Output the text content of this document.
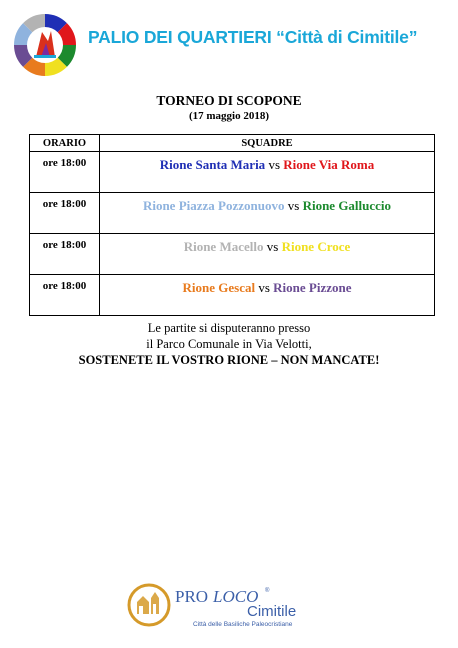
PALIO DEI QUARTIERI “Città di Cimitile”
TORNEO DI SCOPONE
(17 maggio 2018)
ORARIO	SQUADRE
ore 18:00	Rione Santa Maria vs Rione Via Roma
ore 18:00	Rione Piazza Pozzonuovo vs Rione Galluccio
ore 18:00	Rione Macello vs Rione Croce
ore 18:00	Rione Gescal vs Rione Pizzone
Le partite si disputeranno presso
il Parco Comunale in Via Velotti,
SOSTENETE IL VOSTRO RIONE – NON MANCATE!
PRO LOCO ®
Cimitile
Città delle Basiliche Paleocristiane
